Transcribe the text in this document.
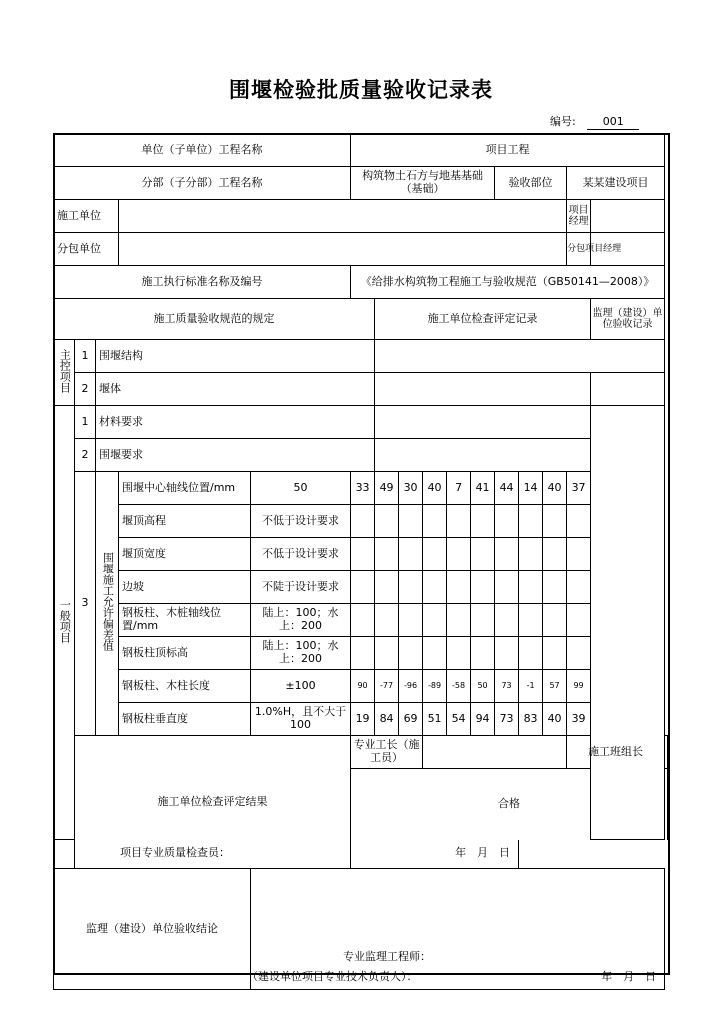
围堰检验批质量验收记录表
编号: 001
单位（子单位）工程名称					项目工程											
分部（子分部）工程名称					构筑物土石方与地基基础（基础）						验收部位			某某建设项目		
施工单位														项目经理		
分包单位														分包项目经理		
施工执行标准名称及编号					《给排水构筑物工程施工与验收规范（GB50141—2008）》											
施工质量验收规范的规定						施工单位检查评定记录									监理（建设）单位验收记录	
主控项目	1	围堰结构														
	2	堰体														
一般项目	1	材料要求														
	2	围堰要求														
	3	围堰施工允许偏差值	围堰中心轴线位置/mm	50	33	49	30	40	7	41	44	14	40	37		
			堰顶高程	不低于设计要求												
			堰顶宽度	不低于设计要求												
			边坡	不陡于设计要求												
			钢板柱、木桩轴线位置/mm	陆上：100；水上：200												
			钢板柱顶标高	陆上：100；水上：200												
			钢板柱、木柱长度	±100	90	-77	-96	-89	-58	50	73	-1	57	99		
			钢板柱垂直度	1.0%H，且不大于100	19	84	69	51	54	94	73	83	40	39		
	施工单位检查评定结果				专业工长（施工员）									施工班组长		
					合格											

项目专业质量检查员： 年　月　日																

监理（建设）单位验收结论																

				专业监理工程师：
（建设单位项目专业技术负责人）： 年　月　日												
